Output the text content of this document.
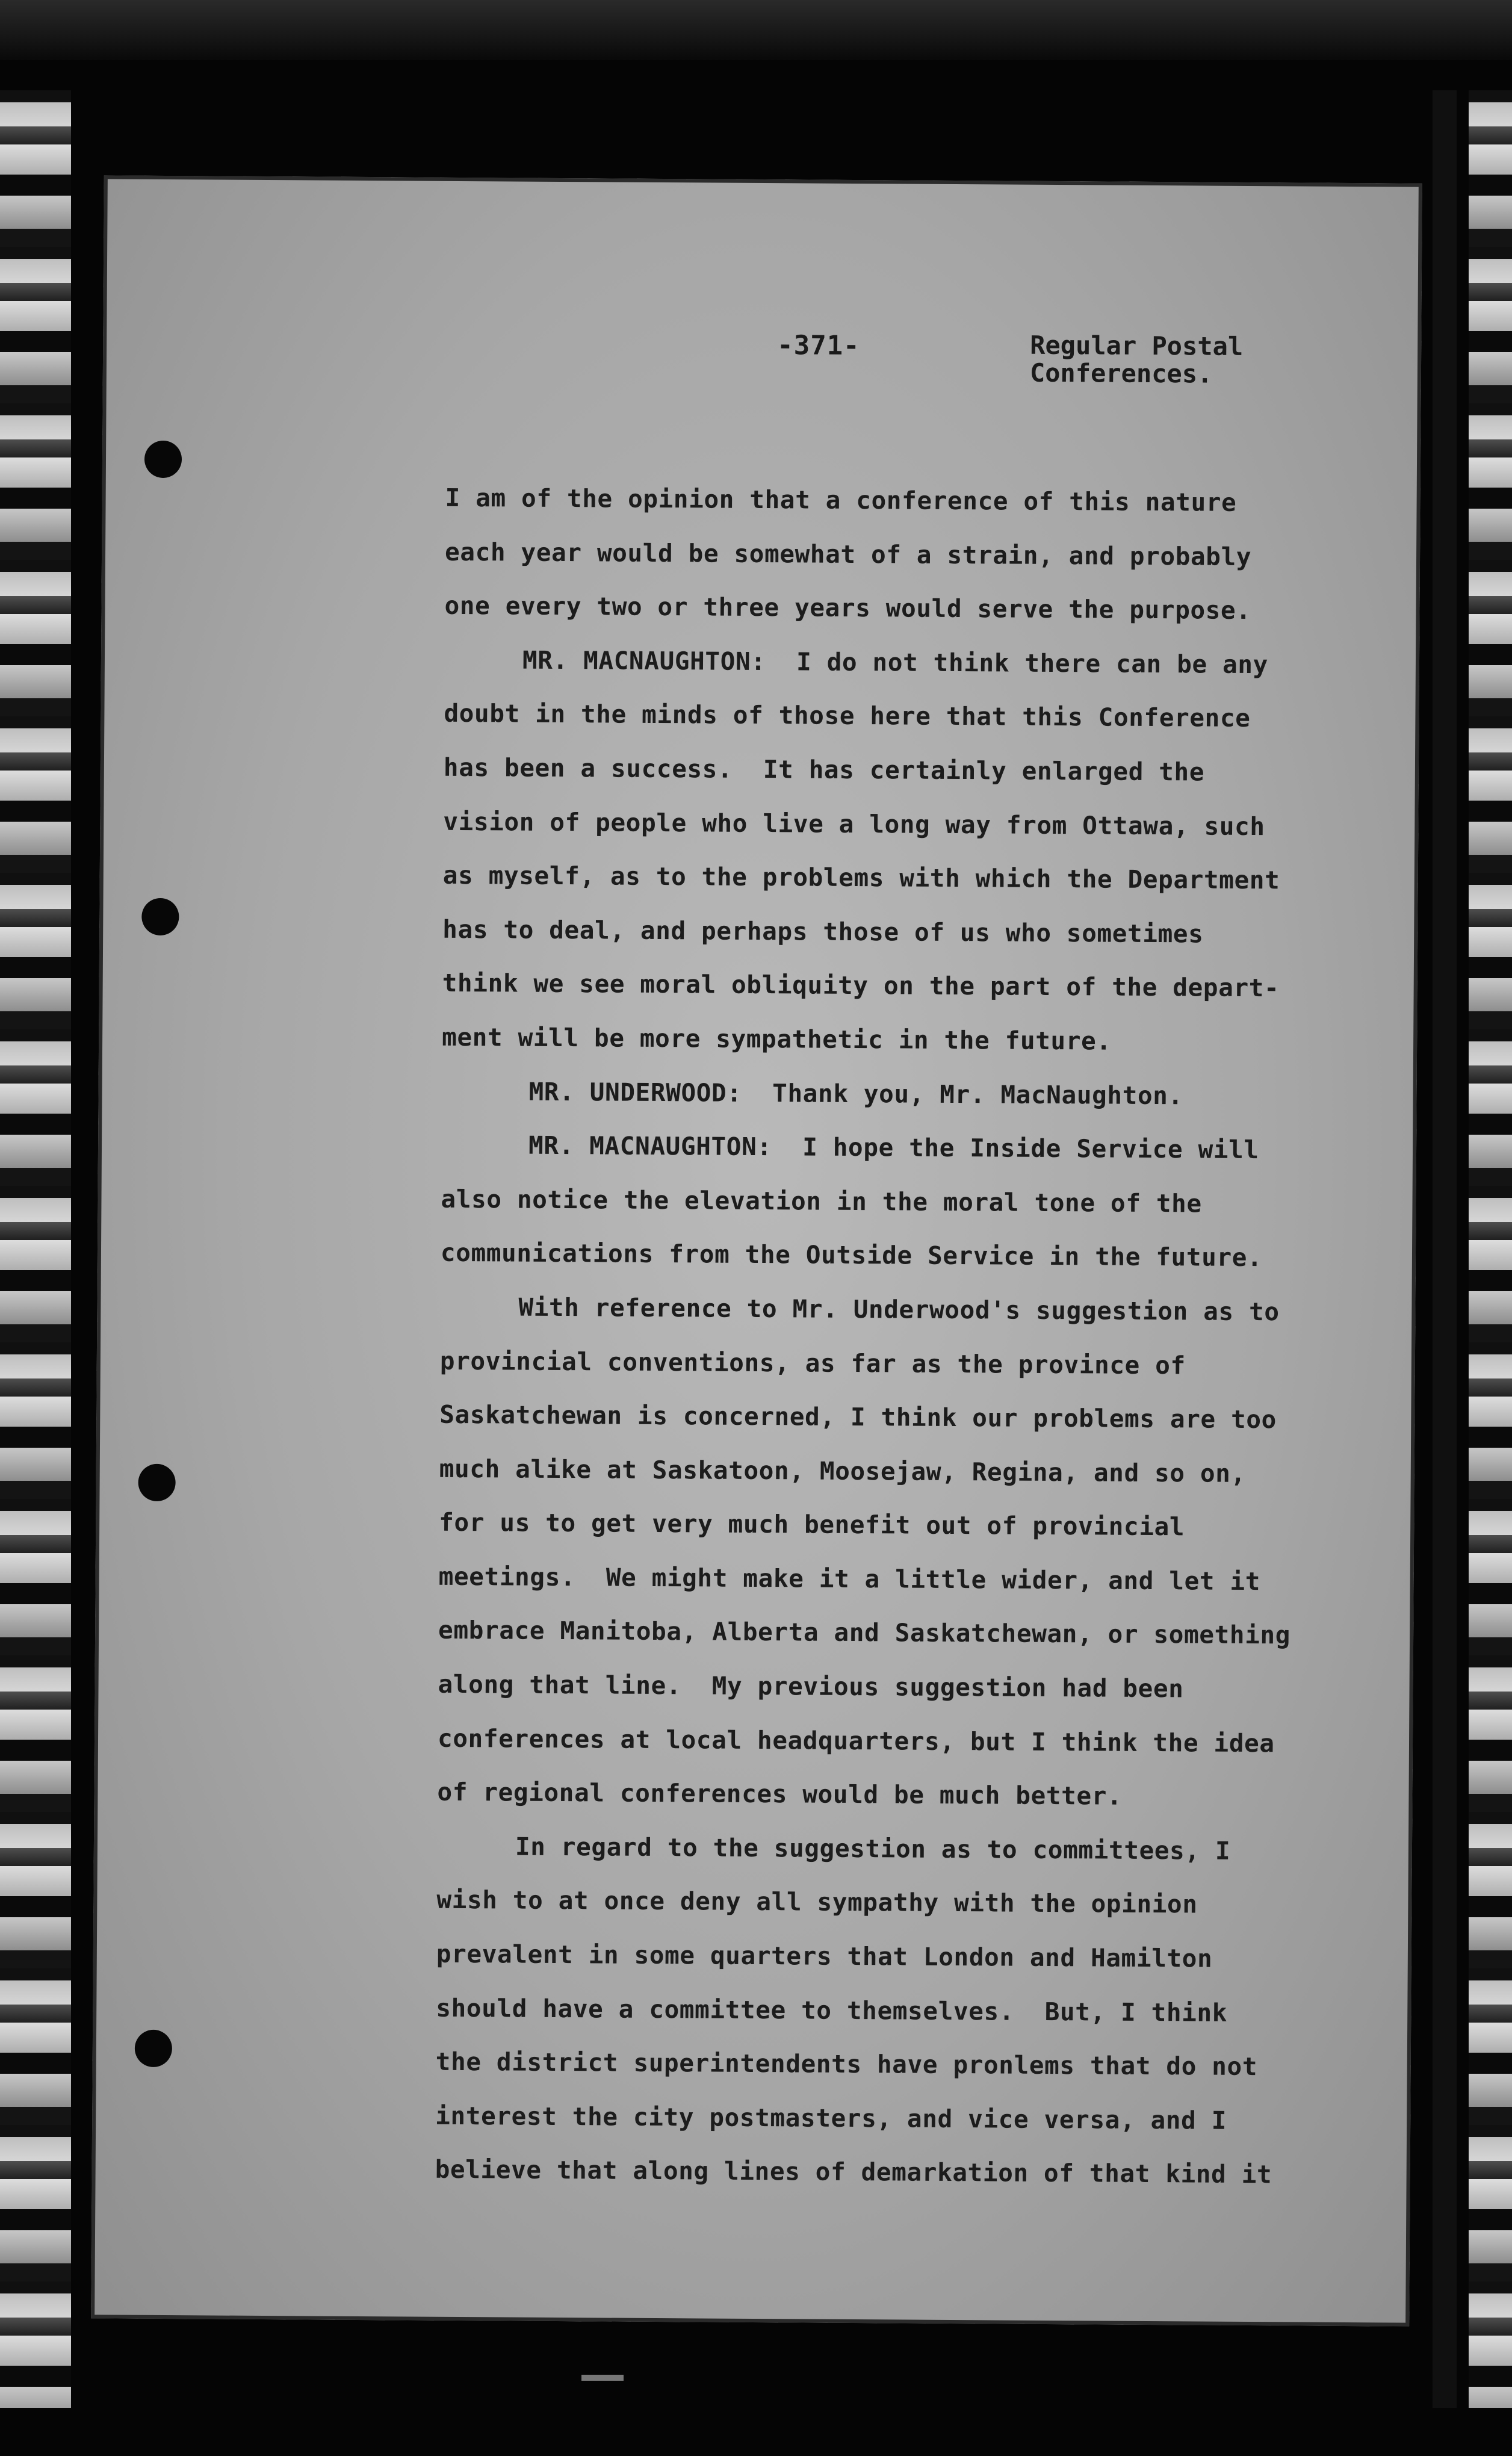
-371-	Regular Postal
Conferences.
I am of the opinion that a conference of this nature
each year would be somewhat of a strain, and probably
one every two or three years would serve the purpose.
MR. MACNAUGHTON:  I do not think there can be any
doubt in the minds of those here that this Conference
has been a success.  It has certainly enlarged the
vision of people who live a long way from Ottawa, such
as myself, as to the problems with which the Department
has to deal, and perhaps those of us who sometimes
think we see moral obliquity on the part of the depart-
ment will be more sympathetic in the future.
MR. UNDERWOOD:  Thank you, Mr. MacNaughton.
MR. MACNAUGHTON:  I hope the Inside Service will
also notice the elevation in the moral tone of the
communications from the Outside Service in the future.
With reference to Mr. Underwood's suggestion as to
provincial conventions, as far as the province of
Saskatchewan is concerned, I think our problems are too
much alike at Saskatoon, Moosejaw, Regina, and so on,
for us to get very much benefit out of provincial
meetings.  We might make it a little wider, and let it
embrace Manitoba, Alberta and Saskatchewan, or something
along that line.  My previous suggestion had been
conferences at local headquarters, but I think the idea
of regional conferences would be much better.
In regard to the suggestion as to committees, I
wish to at once deny all sympathy with the opinion
prevalent in some quarters that London and Hamilton
should have a committee to themselves.  But, I think
the district superintendents have pronlems that do not
interest the city postmasters, and vice versa, and I
believe that along lines of demarkation of that kind it
